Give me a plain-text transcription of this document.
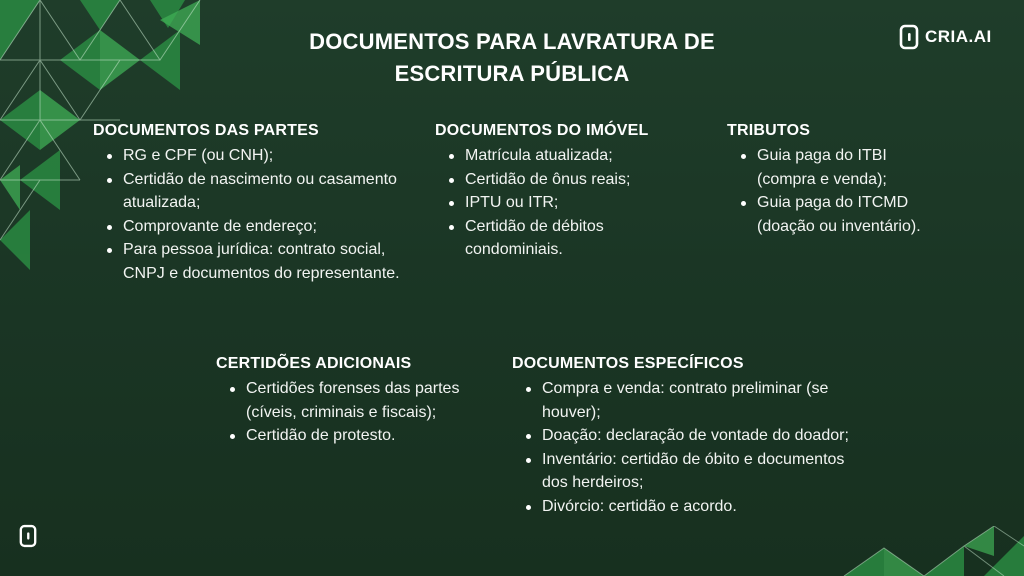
DOCUMENTOS PARA LAVRATURA DE
ESCRITURA PÚBLICA
CRIA.AI
DOCUMENTOS DAS PARTES
RG e CPF (ou CNH);
Certidão de nascimento ou casamento atualizada;
Comprovante de endereço;
Para pessoa jurídica: contrato social, CNPJ e documentos do representante.
DOCUMENTOS DO IMÓVEL
Matrícula atualizada;
Certidão de ônus reais;
IPTU ou ITR;
Certidão de débitos condominiais.
TRIBUTOS
Guia paga do ITBI (compra e venda);
Guia paga do ITCMD (doação ou inventário).
CERTIDÕES ADICIONAIS
Certidões forenses das partes (cíveis, criminais e fiscais);
Certidão de protesto.
DOCUMENTOS ESPECÍFICOS
Compra e venda: contrato preliminar (se houver);
Doação: declaração de vontade do doador;
Inventário: certidão de óbito e documentos dos herdeiros;
Divórcio: certidão e acordo.
